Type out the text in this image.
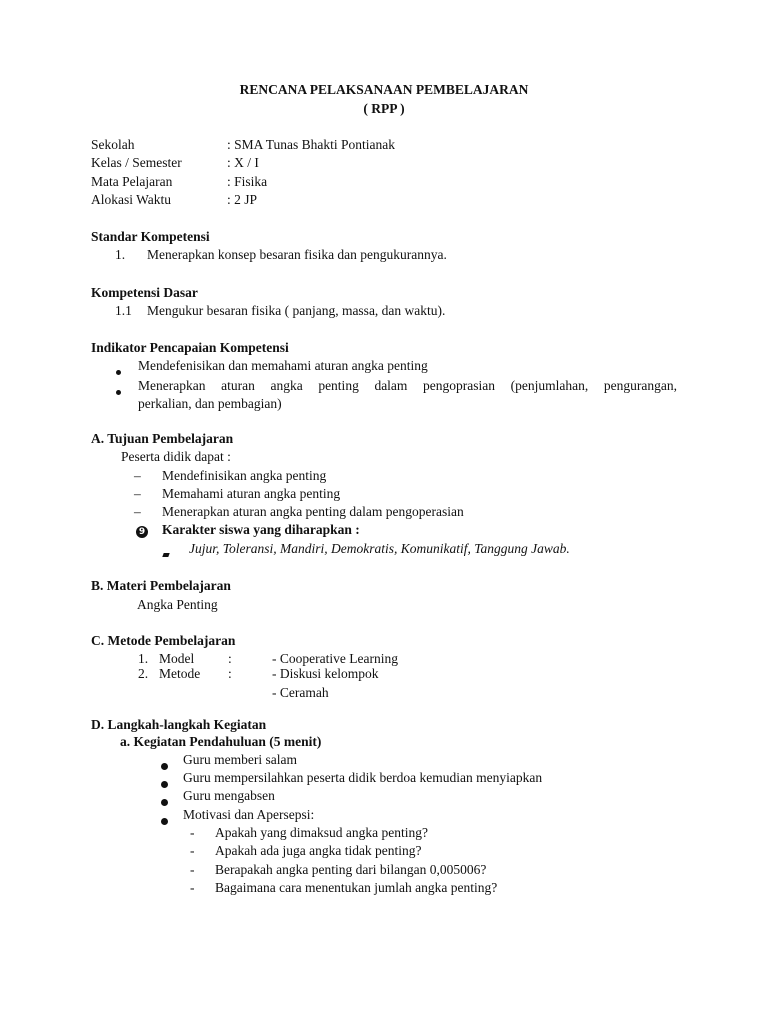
RENCANA PELAKSANAAN PEMBELAJARAN
( RPP )
Sekolah	: SMA Tunas Bhakti Pontianak
Kelas / Semester	: X / I
Mata Pelajaran	: Fisika
Alokasi Waktu	: 2 JP
Standar Kompetensi
1. Menerapkan konsep besaran fisika dan pengukurannya.
Kompetensi Dasar
1.1 Mengukur besaran fisika ( panjang, massa, dan waktu).
Indikator Pencapaian Kompetensi
Mendefenisikan dan memahami aturan angka penting
Menerapkan aturan angka penting dalam pengoprasian (penjumlahan, pengurangan,
perkalian, dan pembagian)
A. Tujuan Pembelajaran
Peserta didik dapat :
– Mendefinisikan angka penting
– Memahami aturan angka penting
– Menerapkan aturan angka penting dalam pengoperasian
9 Karakter siswa yang diharapkan :
Jujur, Toleransi, Mandiri, Demokratis, Komunikatif, Tanggung Jawab.
B. Materi Pembelajaran
Angka Penting
C. Metode Pembelajaran
1. Model	:	- Cooperative Learning
2. Metode :	- Diskusi kelompok
- Ceramah
D. Langkah-langkah Kegiatan
a. Kegiatan Pendahuluan (5 menit)
Guru memberi salam
Guru mempersilahkan peserta didik berdoa kemudian menyiapkan
Guru mengabsen
Motivasi dan Apersepsi:
- Apakah yang dimaksud angka penting?
- Apakah ada juga angka tidak penting?
- Berapakah angka penting dari bilangan 0,005006?
- Bagaimana cara menentukan jumlah angka penting?
